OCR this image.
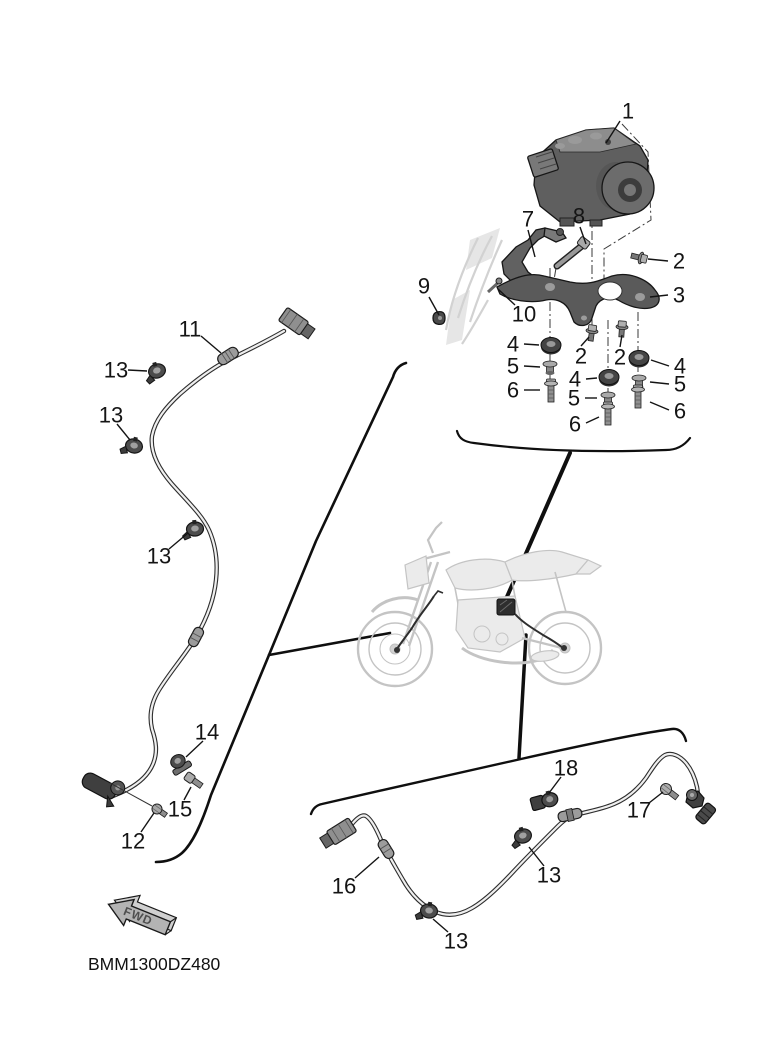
FWD
BMM1300DZ480
1
7 8
2
3
9
10
2 2
4
5
6 4
5
6
4
5
6
11
13
13
13
14
15
12
16
13
13
18
17
